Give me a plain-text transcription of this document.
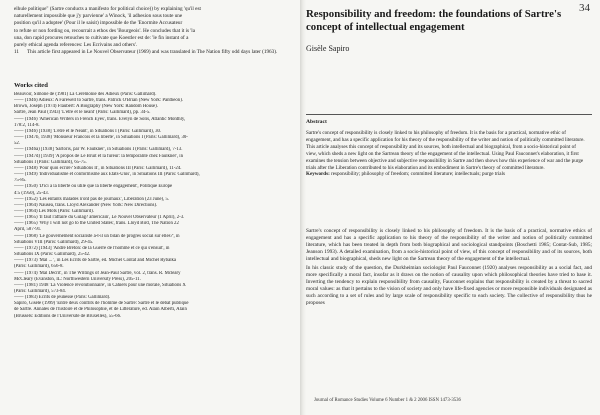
elhule politique" (Sartre conducts a manifesto for political choice)) by explaining 'qu'il est

naturellement impossible que j'y parvienne' a Winock, 'il adhesion sous toute une

position qu'il a adoptee' (Pour il le saisit) impossible de the 'Enormite Accusateur

to refute or non fording ou, recourrait a ethos des 'Bourgeois'. He concludes that it is 'la

una, don rapid procures retouches to cultivate que Koestler est de: 'le fin instant of a

purely ethical agenda references: Les Ecrivains and others'.

11	This article first appeared in Le Nouvel Observateur (1969) and was translated in The Nation fifty odd days later (1963).
Works cited
Beauvoir, Simone de (1981) La Ceremonie des Adieux (Paris: Gallimard).
—— (1946) Adieux: A Farewell to Sartre, trans. Patrick O'Brian (New York: Pantheon).
Brown, Joseph (1974) Flaubert: A Biography (New York: Random House).
Sartre, Jean Paul (1943) 'L'etre et le neant' (Paris: Gallimard), pp. 34-5.
—— (1946) 'American Writers in French Eyes', trans. Evelyn de Solis, Atlantic Monthly,
178:2, 114-8.
—— (1946) [1938] 'L'etre et le Neant', in Situations I (Paris: Gallimard), 30.
—— (1947b, 1938) 'Monsieur Francois et la liberte', in Situations I (Paris: Gallimard), 30-
52.
—— (1946a) [1938] 'Sartoris, par W. Faulkner', in Situations I (Paris: Gallimard), 7-13.
—— (1947d) [1939] 'A propos de Le Bruit et la fureur: la temporalite chez Faulkner', in
Situations I (Paris: Gallimard), 65-75.
—— (1948) 'Pour quoi ecrire? Situations II', in Situations III (Paris: Gallimard), 11-24.
—— (1949) 'Individualisme et conformisme aux Etats-Unis', in Situations III (Paris: Gallimard),
75-85.
—— (1950) 'D'ici a la liberte ou utile que la liberte engagement', Politique Europe
4:5 (1950), 25-43.
—— (1952) 'Les enfants malades n'ont pas de journaux', Liberation (23 June), 5.
—— (1964) Nausea, trans. Lloyd Alexander (New York: New Directions).
—— (1964) Les Mots (Paris: Gallimard).
—— (1965) 'Il faut l'affaire du Gulag? americain', Le Nouvel Observateur (1 April), 2-3.
—— (1965) 'Why I will not go to the United States', trans. Lloyd Bird, The Nation 22
April, 587-91.
—— (1968) 'Le gouvernement socialiste a-t-il un bilan de progres social sur elles?', in
Situations VIII (Paris: Gallimard), 29-45.
—— (1972) [1943] 'Andre Breton: de la Guerre de l'homme et ce qui s'ensuit', in
Situations IX (Paris: Gallimard), 25-42.
—— (1973) 'Mal ... ', in Les Ecrits de Sartre, ed. Michel Contat and Michel Rybalka
(Paris: Gallimard), 656-8.
—— (1974) 'Mal Decrit', in The Writings of Jean-Paul Sartre, vol. 2, trans. R. Mcleary
McCleary (Evanston, IL: Northwestern University Press), 205-11.
—— (1981) 1948 'La Violence revolutionnaire', in Cahiers pour une morale, Situations X
(Paris: Gallimard), 573-84.
—— (1983) Ecrits de jeunesse (Paris: Gallimard).
Sapiro, Gisele (1999) 'Entre deux conflits de l'homme de Sartre: Sartre et le debat publique
de Sartre. Annales de l'histoire et de Philosophie, et de Litterature, ed. Alain Alberti, Alain
(Brussels: Editions de l'Universite de Bruxelles), 55-66.
34
Responsibility and freedom: the foundations of Sartre's concept of intellectual engagement
Gisèle Sapiro
Abstract

Sartre's concept of responsibility is closely linked to his philosophy of freedom. It is the basis for a practical, normative ethic of engagement, and has a specific application for his theory of the responsibility of the writer and notion of politically committed literature. This article analyses this concept of responsibility and its sources, both intellectual and biographical, from a socio-historical point of view, which sheds a new light on the Sartrean theory of the engagement of the intellectual. Using Paul Fauconnet's elaboration, it first examines the tension between objective and subjective responsibility in Sartre and then shows how this experience of war and the purge trials after the Liberation contributed to his elaboration and its embodiment in Sartre's theory of committed literature.

Keywords: responsibility; philosophy of freedom; committed literature; intellectuals; purge trials

Sartre's concept of responsibility is closely linked to his philosophy of freedom. It is the basis of a practical, normative ethics of engagement and has a specific application to his theory of the responsibility of the writer and notion of politically committed literature, which has been treated in depth from both biographical and sociological standpoints (Boschetti 1985; Contat-Sub, 1985; Jeanson 1993). A detailed examination, from a socio-historical point of view, of this concept of responsibility and of its sources, both intellectual and biographical, sheds new light on the Sartrean theory of the engagement of the intellectual.

In his classic study of the question, the Durkheimian sociologist Paul Fauconnet (1920) analyses responsibility as a social fact, and more specifically a moral fact, insofar as it draws on the notion of causality upon which philosophical theories have tried to base it. Inverting the tendency to explain responsibility from causality, Fauconnet explains that responsibility is created by a threat to sacred moral values: as that it pertains to the vision of society and only have life-fixed agencies or more responsible individuals designated as such according to a set of rules and by large scale of responsibility specific to each society. The collective of responsibility thus he proposes

Journal of Romance Studies Volume 6 Number 1 & 2 2006 ISSN 1473-3536
